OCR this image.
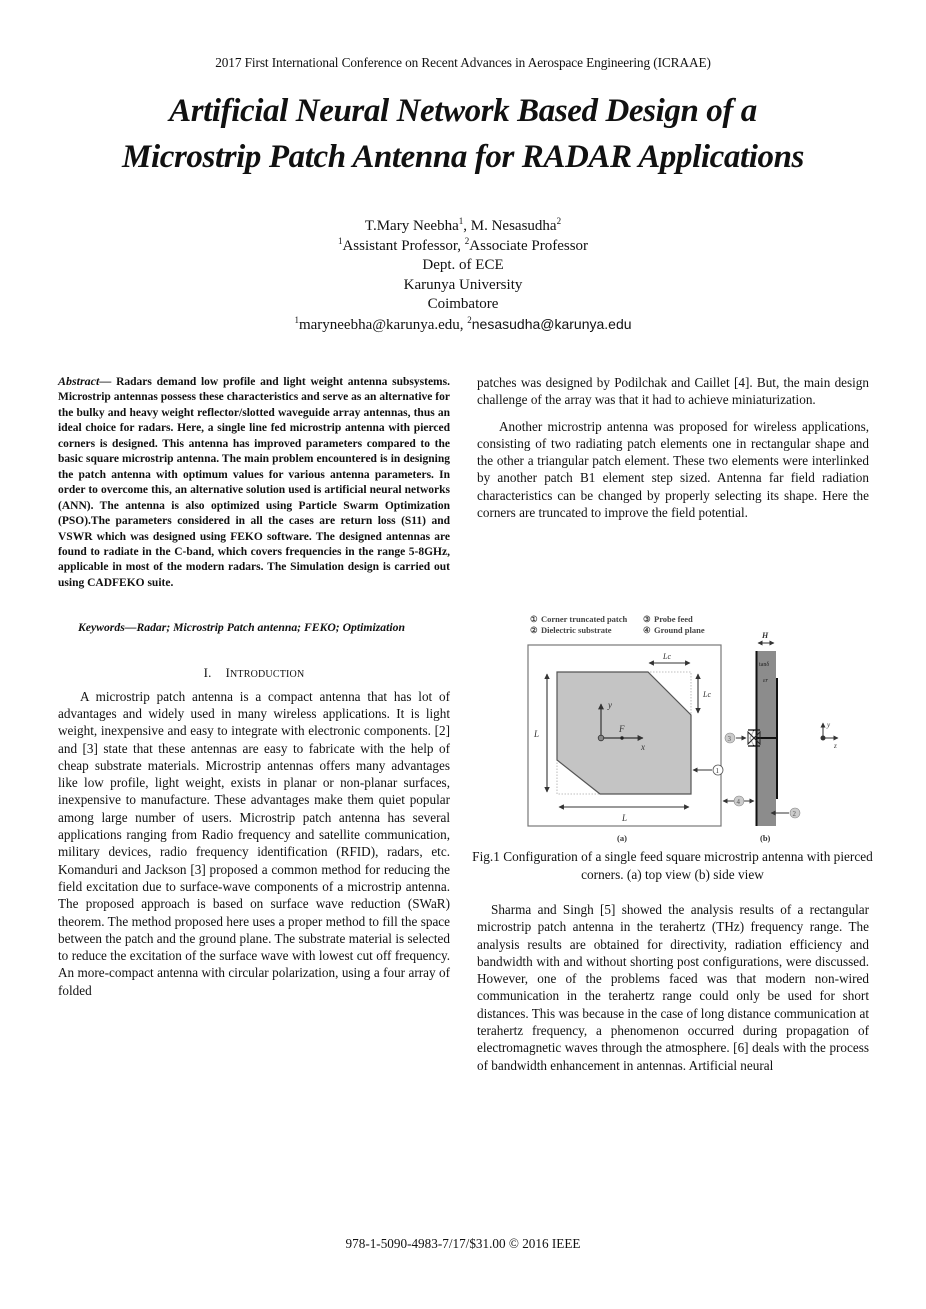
2017 First International Conference on Recent Advances in Aerospace Engineering (ICRAAE)
Artificial Neural Network Based Design of a
Microstrip Patch Antenna for RADAR Applications
T.Mary Neebha$^1$, M. Nesasudha$^2$
$^1$Assistant Professor, $^2$Associate Professor
Dept. of ECE
Karunya University
Coimbatore
$^1$maryneebha@karunya.edu, $^2$nesasudha@karunya.edu

Abstract— Radars demand low profile and light weight antenna subsystems. Microstrip antennas possess these characteristics and serve as an alternative for the bulky and heavy weight reflector/slotted waveguide array antennas, thus an ideal choice for radars. Here, a single line fed microstrip antenna with pierced corners is designed. This antenna has improved parameters compared to the basic square microstrip antenna. The main problem encountered is in designing the patch antenna with optimum values for various antenna parameters. In order to overcome this, an alternative solution used is artificial neural networks (ANN). The antenna is also optimized using Particle Swarm Optimization (PSO).The parameters considered in all the cases are return loss (S11) and VSWR which was designed using FEKO software. The designed antennas are found to radiate in the C-band, which covers frequencies in the range 5-8GHz, applicable in most of the modern radars. The Simulation design is carried out using CADFEKO suite.

Keywords—Radar; Microstrip Patch antenna; FEKO; Optimization

I. INTRODUCTION

A microstrip patch antenna is a compact antenna that has lot of advantages and widely used in many wireless applications. It is light weight, inexpensive and easy to integrate with electronic components. [2] and [3] state that these antennas are easy to fabricate with the help of cheap substrate materials. Microstrip antennas offers many advantages like low profile, light weight, exists in planar or non-planar surfaces, inexpensive to manufacture. These advantages make them quiet popular among large number of users. Microstrip patch antenna has several applications ranging from Radio frequency and satellite communication, military devices, radio frequency identification (RFID), radars, etc. Komanduri and Jackson [3] proposed a common method for reducing the field excitation due to surface-wave components of a microstrip antenna. The proposed approach is based on surface wave reduction (SWaR) theorem. The method proposed here uses a proper method to fill the space between the patch and the ground plane. The substrate material is selected to reduce the excitation of the surface wave with lowest cut off frequency. An more-compact antenna with circular polarization, using a four array of folded

patches was designed by Podilchak and Caillet [4]. But, the main design challenge of the array was that it had to achieve miniaturization.

Another microstrip antenna was proposed for wireless applications, consisting of two radiating patch elements one in rectangular shape and the other a triangular patch element. These two elements were interlinked by another patch B1 element step sized. Antenna far field radiation characteristics can be changed by properly selecting its shape. Here the corners are truncated to improve the field potential.

① Corner truncated patch
② Dielectric substrate
③ Probe feed
④ Ground plane
y
F
x
L
L
Lc
Lc
1
(a)
H
tanδ
εr
3
4
2
y
z
(b)
Fig.1 Configuration of a single feed square microstrip antenna with pierced corners. (a) top view (b) side view

Sharma and Singh [5] showed the analysis results of a rectangular microstrip patch antenna in the terahertz (THz) frequency range. The analysis results are obtained for directivity, radiation efficiency and bandwidth with and without shorting post configurations, were discussed. However, one of the problems faced was that modern non-wired communication in the terahertz range could only be used for short distances. This was because in the case of long distance communication at terahertz frequency, a phenomenon occurred during propagation of electromagnetic waves through the atmosphere. [6] deals with the process of bandwidth enhancement in antennas. Artificial neural

978-1-5090-4983-7/17/$31.00 © 2016 IEEE
